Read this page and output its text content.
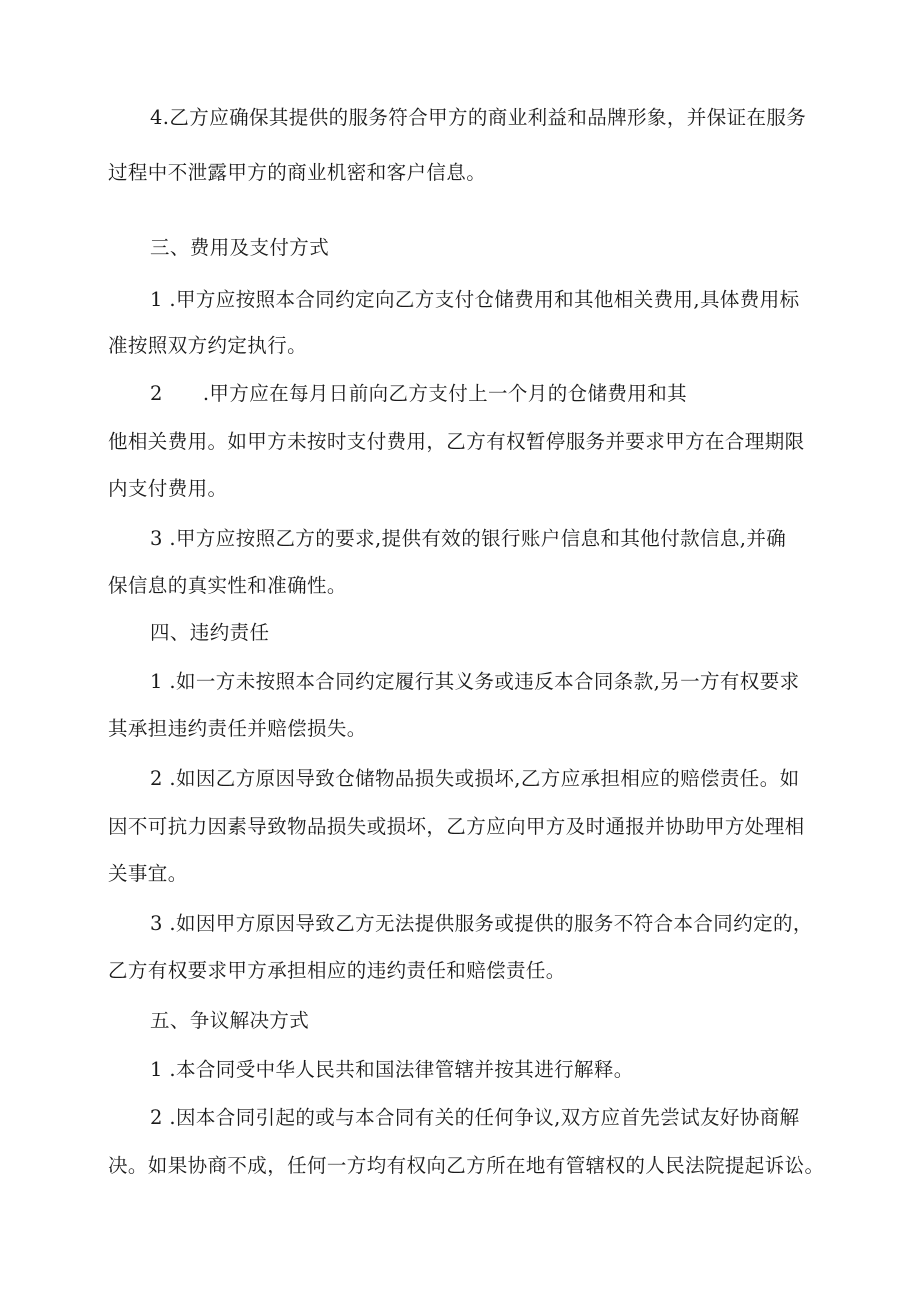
4.乙方应确保其提供的服务符合甲方的商业利益和品牌形象，并保证在服务
过程中不泄露甲方的商业机密和客户信息。
三、费用及支付方式
1 .甲方应按照本合同约定向乙方支付仓储费用和其他相关费用,具体费用标
准按照双方约定执行。
2 .甲方应在每月日前向乙方支付上一个月的仓储费用和其
他相关费用。如甲方未按时支付费用，乙方有权暂停服务并要求甲方在合理期限
内支付费用。
3 .甲方应按照乙方的要求,提供有效的银行账户信息和其他付款信息,并确
保信息的真实性和准确性。
四、违约责任
1 .如一方未按照本合同约定履行其义务或违反本合同条款,另一方有权要求
其承担违约责任并赔偿损失。
2 .如因乙方原因导致仓储物品损失或损坏,乙方应承担相应的赔偿责任。如
因不可抗力因素导致物品损失或损坏，乙方应向甲方及时通报并协助甲方处理相
关事宜。
3 .如因甲方原因导致乙方无法提供服务或提供的服务不符合本合同约定的，
乙方有权要求甲方承担相应的违约责任和赔偿责任。
五、争议解决方式
1 .本合同受中华人民共和国法律管辖并按其进行解释。
2 .因本合同引起的或与本合同有关的任何争议,双方应首先尝试友好协商解
决。如果协商不成，任何一方均有权向乙方所在地有管辖权的人民法院提起诉讼。
